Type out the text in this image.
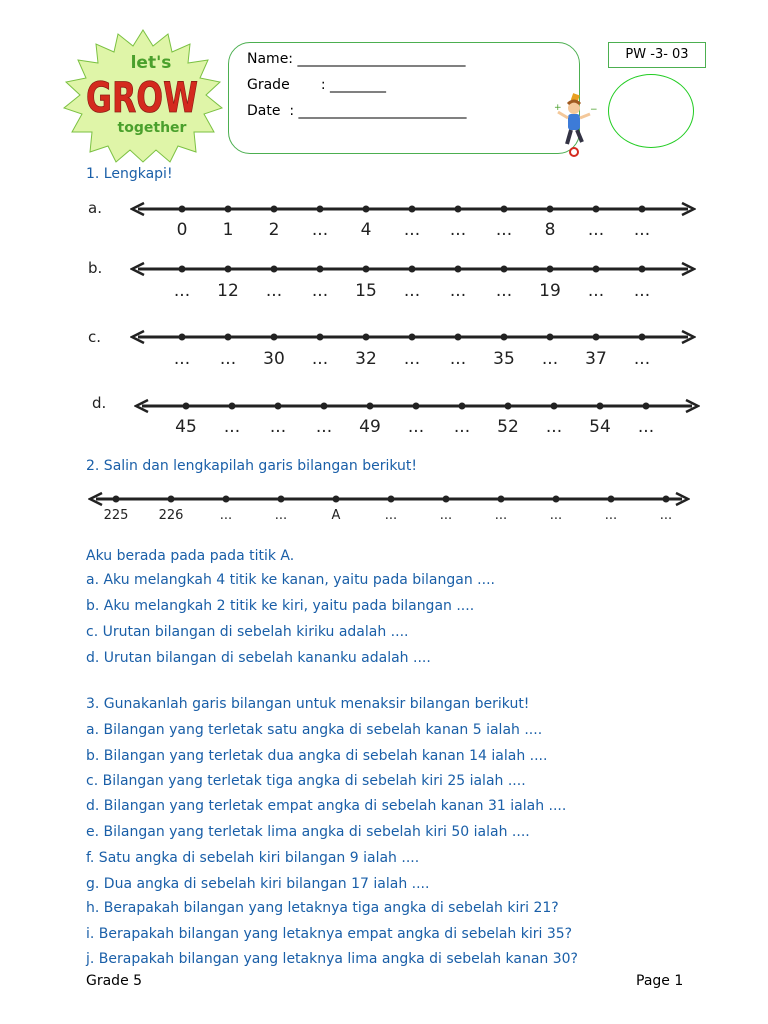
let's
GROW
together
Name: ________________________
Grade       : ________
Date  : ________________________	+	−
PW -3- 03
1. Lengkapi!
a.
0 1 2 ... 4 ... ... ... 8 ... ...
b.
... 12 ... ... 15 ... ... ... 19 ... ...
c.
... ... 30 ... 32 ... ... 35 ... 37 ...
d.
45 ... ... ... 49 ... ... 52 ... 54 ...
2. Salin dan lengkapilah garis bilangan berikut!
225 226	...	...	A	...	...	...	...	...	...
Aku berada pada pada titik A.
a. Aku melangkah 4 titik ke kanan, yaitu pada bilangan ....
b. Aku melangkah 2 titik ke kiri, yaitu pada bilangan ....
c. Urutan bilangan di sebelah kiriku adalah ....
d. Urutan bilangan di sebelah kananku adalah ....
3. Gunakanlah garis bilangan untuk menaksir bilangan berikut!
a. Bilangan yang terletak satu angka di sebelah kanan 5 ialah ....
b. Bilangan yang terletak dua angka di sebelah kanan 14 ialah ....
c. Bilangan yang terletak tiga angka di sebelah kiri 25 ialah ....
d. Bilangan yang terletak empat angka di sebelah kanan 31 ialah ....
e. Bilangan yang terletak lima angka di sebelah kiri 50 ialah ....
f. Satu angka di sebelah kiri bilangan 9 ialah ....
g. Dua angka di sebelah kiri bilangan 17 ialah ....
h. Berapakah bilangan yang letaknya tiga angka di sebelah kiri 21?
i. Berapakah bilangan yang letaknya empat angka di sebelah kiri 35?
j. Berapakah bilangan yang letaknya lima angka di sebelah kanan 30?
Grade 5	Page 1
